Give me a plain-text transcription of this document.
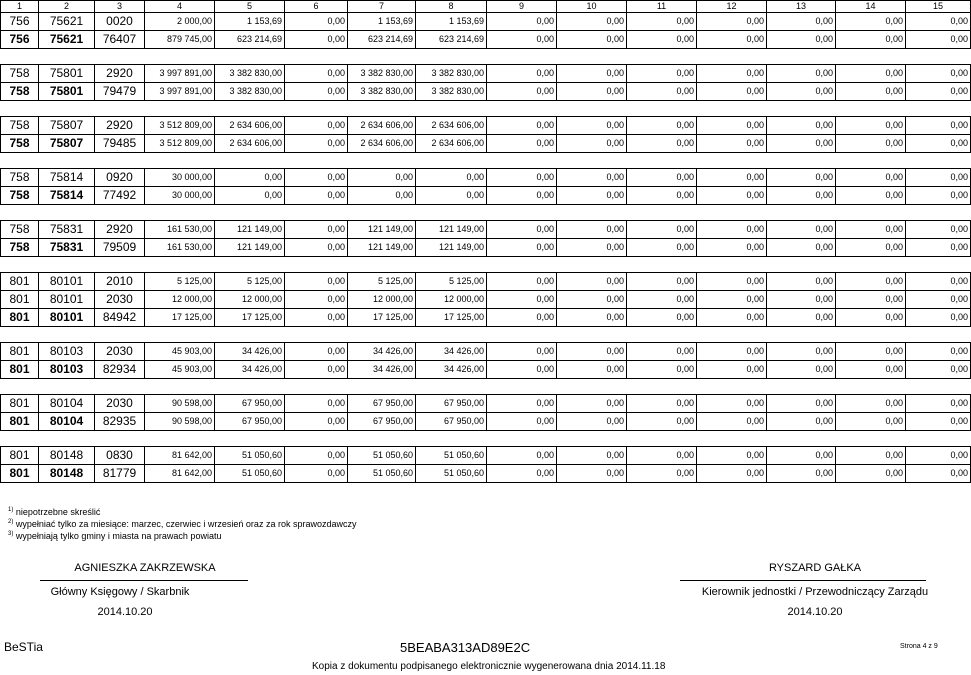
1	2	3	4	5	6	7	8	9	10	11	12	13	14	15
756	75621	0020	2 000,00	1 153,69	0,00	1 153,69	1 153,69	0,00	0,00	0,00	0,00	0,00	0,00	0,00
756	75621	76407	879 745,00	623 214,69	0,00	623 214,69	623 214,69	0,00	0,00	0,00	0,00	0,00	0,00	0,00

758	75801	2920	3 997 891,00	3 382 830,00	0,00	3 382 830,00	3 382 830,00	0,00	0,00	0,00	0,00	0,00	0,00	0,00
758	75801	79479	3 997 891,00	3 382 830,00	0,00	3 382 830,00	3 382 830,00	0,00	0,00	0,00	0,00	0,00	0,00	0,00

758	75807	2920	3 512 809,00	2 634 606,00	0,00	2 634 606,00	2 634 606,00	0,00	0,00	0,00	0,00	0,00	0,00	0,00
758	75807	79485	3 512 809,00	2 634 606,00	0,00	2 634 606,00	2 634 606,00	0,00	0,00	0,00	0,00	0,00	0,00	0,00

758	75814	0920	30 000,00	0,00	0,00	0,00	0,00	0,00	0,00	0,00	0,00	0,00	0,00	0,00
758	75814	77492	30 000,00	0,00	0,00	0,00	0,00	0,00	0,00	0,00	0,00	0,00	0,00	0,00

758	75831	2920	161 530,00	121 149,00	0,00	121 149,00	121 149,00	0,00	0,00	0,00	0,00	0,00	0,00	0,00
758	75831	79509	161 530,00	121 149,00	0,00	121 149,00	121 149,00	0,00	0,00	0,00	0,00	0,00	0,00	0,00

801	80101	2010	5 125,00	5 125,00	0,00	5 125,00	5 125,00	0,00	0,00	0,00	0,00	0,00	0,00	0,00
801	80101	2030	12 000,00	12 000,00	0,00	12 000,00	12 000,00	0,00	0,00	0,00	0,00	0,00	0,00	0,00
801	80101	84942	17 125,00	17 125,00	0,00	17 125,00	17 125,00	0,00	0,00	0,00	0,00	0,00	0,00	0,00

801	80103	2030	45 903,00	34 426,00	0,00	34 426,00	34 426,00	0,00	0,00	0,00	0,00	0,00	0,00	0,00
801	80103	82934	45 903,00	34 426,00	0,00	34 426,00	34 426,00	0,00	0,00	0,00	0,00	0,00	0,00	0,00

801	80104	2030	90 598,00	67 950,00	0,00	67 950,00	67 950,00	0,00	0,00	0,00	0,00	0,00	0,00	0,00
801	80104	82935	90 598,00	67 950,00	0,00	67 950,00	67 950,00	0,00	0,00	0,00	0,00	0,00	0,00	0,00

801	80148	0830	81 642,00	51 050,60	0,00	51 050,60	51 050,60	0,00	0,00	0,00	0,00	0,00	0,00	0,00
801	80148	81779	81 642,00	51 050,60	0,00	51 050,60	51 050,60	0,00	0,00	0,00	0,00	0,00	0,00	0,00
$^{1)}$ niepotrzebne skreślić
$^{2)}$ wypełniać tylko za miesiące: marzec, czerwiec i wrzesień oraz za rok sprawozdawczy
$^{3)}$ wypełniają tylko gminy i miasta na prawach powiatu
AGNIESZKA ZAKRZEWSKA
Główny Księgowy / Skarbnik
2014.10.20
RYSZARD GAŁKA
Kierownik jednostki / Przewodniczący Zarządu
2014.10.20
BeSTia	5BEABA313AD89E2C	Strona 4 z 9
Kopia z dokumentu podpisanego elektronicznie wygenerowana dnia 2014.11.18
